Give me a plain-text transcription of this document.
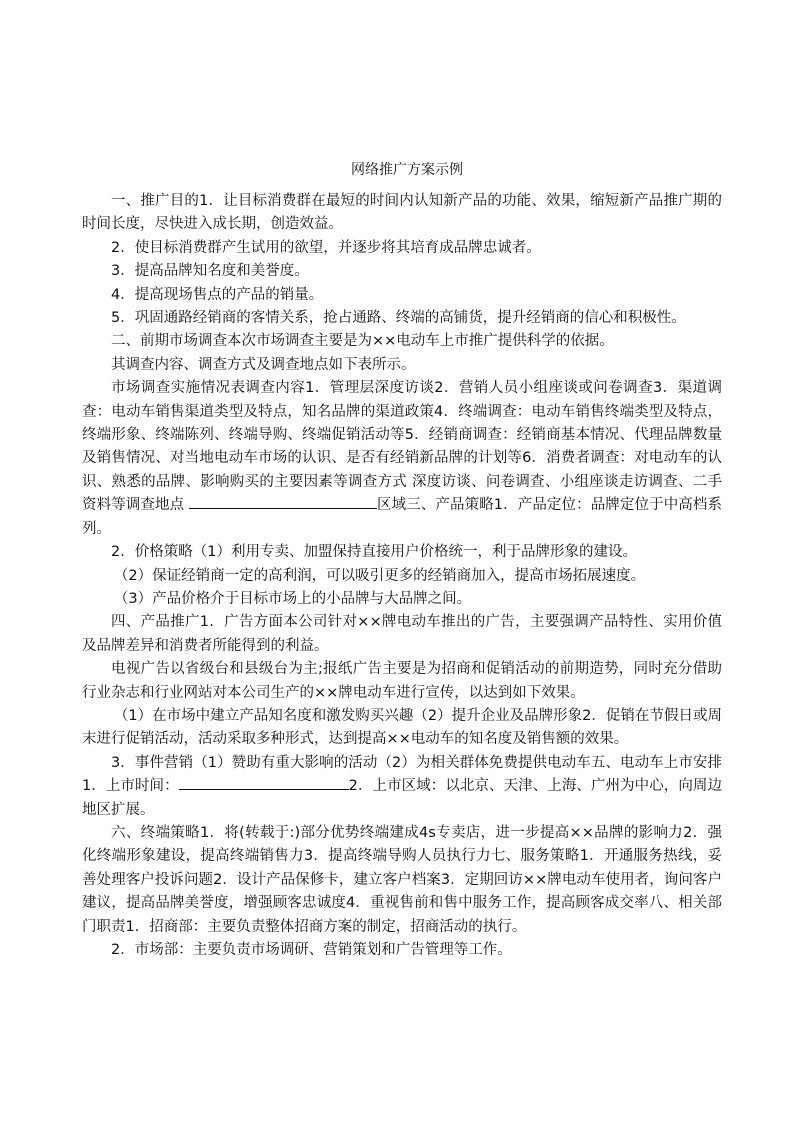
网络推广方案示例

一、推广目的1．让目标消费群在最短的时间内认知新产品的功能、效果，缩短新产品推广期的时间长度，尽快进入成长期，创造效益。

2．使目标消费群产生试用的欲望，并逐步将其培育成品牌忠诚者。

3．提高品牌知名度和美誉度。

4．提高现场售点的产品的销量。

5．巩固通路经销商的客情关系，抢占通路、终端的高铺货，提升经销商的信心和积极性。

二、前期市场调查本次市场调查主要是为××电动车上市推广提供科学的依据。

其调查内容、调查方式及调查地点如下表所示。

市场调查实施情况表调查内容1．管理层深度访谈2．营销人员小组座谈或问卷调查3．渠道调查：电动车销售渠道类型及特点，知名品牌的渠道政策4．终端调查：电动车销售终端类型及特点，终端形象、终端陈列、终端导购、终端促销活动等5．经销商调查：经销商基本情况、代理品牌数量及销售情况、对当地电动车市场的认识、是否有经销新品牌的计划等6．消费者调查：对电动车的认识、熟悉的品牌、影响购买的主要因素等调查方式 深度访谈、问卷调查、小组座谈走访调查、二手资料等调查地点	区域三、产品策略1．产品定位：品牌定位于中高档系列。

2．价格策略（1）利用专卖、加盟保持直接用户价格统一，利于品牌形象的建设。

（2）保证经销商一定的高利润，可以吸引更多的经销商加入，提高市场拓展速度。

（3）产品价格介于目标市场上的小品牌与大品牌之间。

四、产品推广1．广告方面本公司针对××牌电动车推出的广告，主要强调产品特性、实用价值及品牌差异和消费者所能得到的利益。

电视广告以省级台和县级台为主;报纸广告主要是为招商和促销活动的前期造势，同时充分借助行业杂志和行业网站对本公司生产的××牌电动车进行宣传，以达到如下效果。

（1）在市场中建立产品知名度和激发购买兴趣（2）提升企业及品牌形象2．促销在节假日或周末进行促销活动，活动采取多种形式，达到提高××电动车的知名度及销售额的效果。

3．事件营销（1）赞助有重大影响的活动（2）为相关群体免费提供电动车五、电动车上市安排1．上市时间：	2．上市区域：以北京、天津、上海、广州为中心，向周边地区扩展。

六、终端策略1．将(转载于:)部分优势终端建成4s专卖店，进一步提高××品牌的影响力2．强化终端形象建设，提高终端销售力3．提高终端导购人员执行力七、服务策略1．开通服务热线，妥善处理客户投诉问题2．设计产品保修卡，建立客户档案3．定期回访××牌电动车使用者，询问客户建议，提高品牌美誉度，增强顾客忠诚度4．重视售前和售中服务工作，提高顾客成交率八、相关部门职责1．招商部：主要负责整体招商方案的制定，招商活动的执行。

2．市场部：主要负责市场调研、营销策划和广告管理等工作。
